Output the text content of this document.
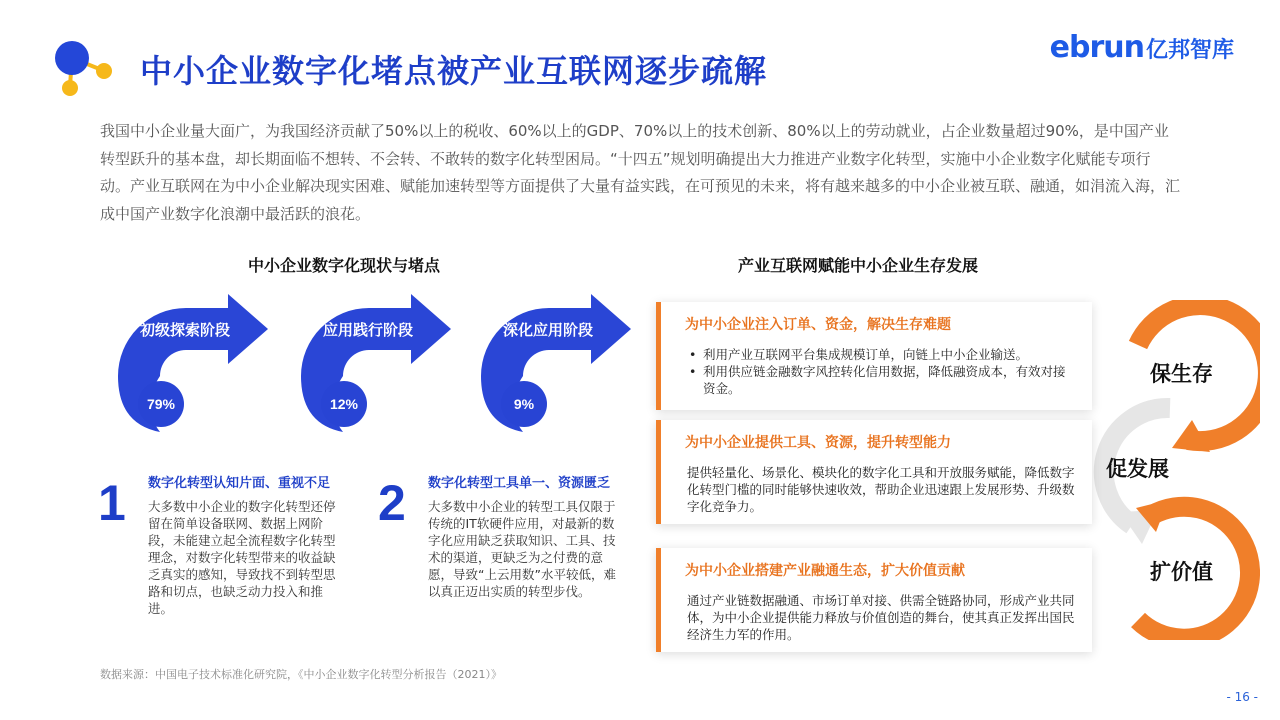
中小企业数字化堵点被产业互联网逐步疏解
ebrun 亿邦智库

我国中小企业量大面广，为我国经济贡献了50%以上的税收、60%以上的GDP、70%以上的技术创新、80%以上的劳动就业，占企业数量超过90%，是中国产业转型跃升的基本盘，却长期面临不想转、不会转、不敢转的数字化转型困局。“十四五”规划明确提出大力推进产业数字化转型，实施中小企业数字化赋能专项行动。产业互联网在为中小企业解决现实困难、赋能加速转型等方面提供了大量有益实践，在可预见的未来，将有越来越多的中小企业被互联、融通，如涓流入海，汇成中国产业数字化浪潮中最活跃的浪花。

中小企业数字化现状与堵点	产业互联网赋能中小企业生存发展
初级探索阶段
79%
应用践行阶段
12%
深化应用阶段
9%
1 数字化转型认知片面、重视不足
大多数中小企业的数字化转型还停留在简单设备联网、数据上网阶段，未能建立起全流程数字化转型理念，对数字化转型带来的收益缺乏真实的感知，导致找不到转型思路和切点，也缺乏动力投入和推进。
2 数字化转型工具单一、资源匮乏
大多数中小企业的转型工具仅限于传统的IT软硬件应用，对最新的数字化应用缺乏获取知识、工具、技术的渠道，更缺乏为之付费的意愿，导致“上云用数”水平较低，难以真正迈出实质的转型步伐。
保生存
促发展
扩价值
为中小企业注入订单、资金，解决生存难题
• 利用产业互联网平台集成规模订单，向链上中小企业输送。
• 利用供应链金融数字风控转化信用数据，降低融资成本，有效对接资金。
为中小企业提供工具、资源，提升转型能力
提供轻量化、场景化、模块化的数字化工具和开放服务赋能，降低数字化转型门槛的同时能够快速收效，帮助企业迅速跟上发展形势、升级数字化竞争力。
为中小企业搭建产业融通生态，扩大价值贡献
通过产业链数据融通、市场订单对接、供需全链路协同，形成产业共同体，为中小企业提供能力释放与价值创造的舞台，使其真正发挥出国民经济生力军的作用。
数据来源：中国电子技术标准化研究院，《中小企业数字化转型分析报告（2021）》
- 16 -
